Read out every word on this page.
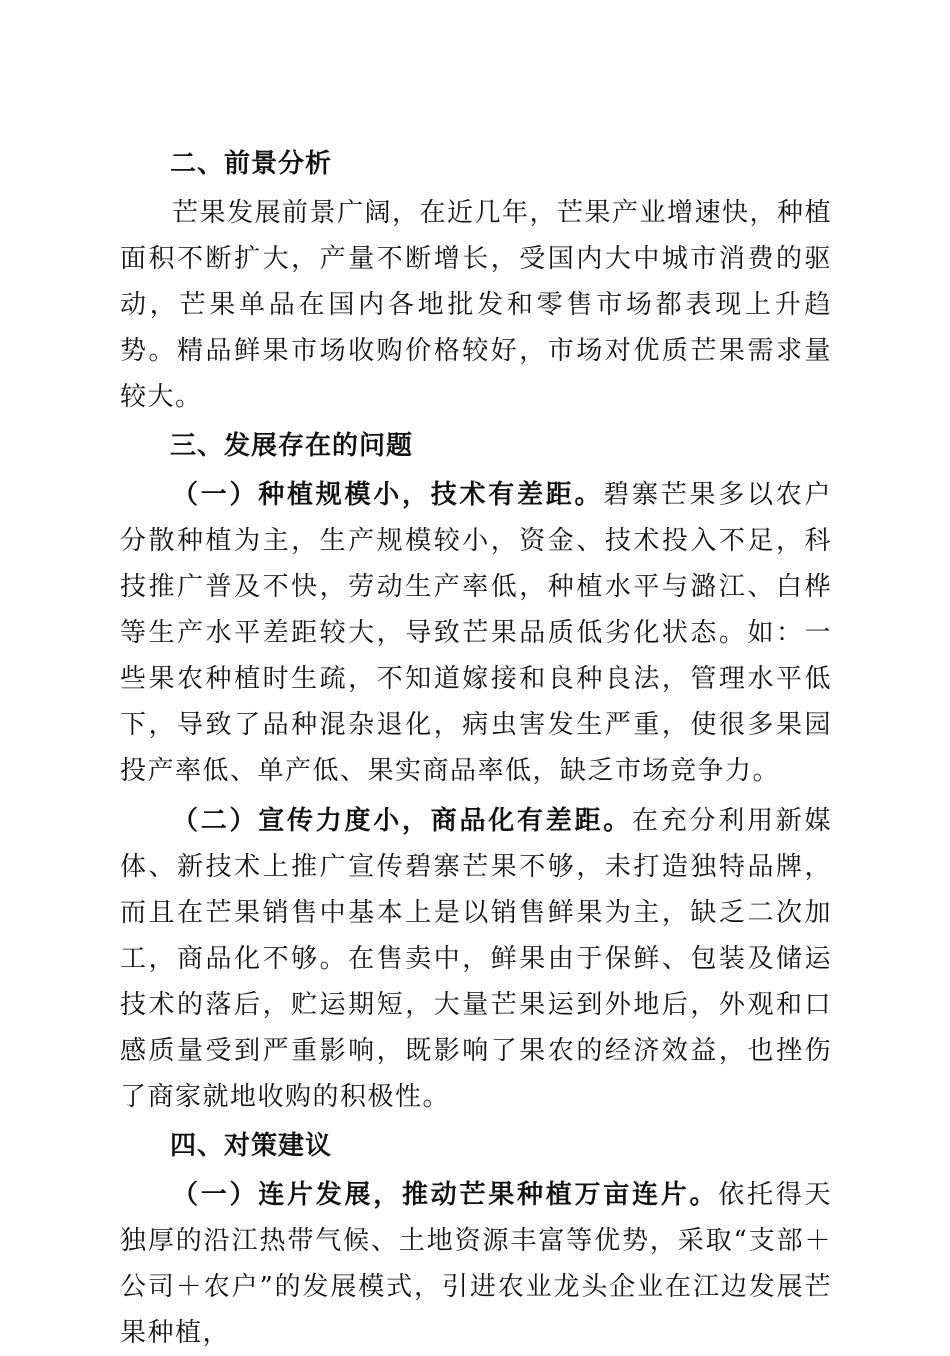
二、前景分析

芒果发展前景广阔，在近几年，芒果产业增速快，种植面积不断扩大，产量不断增长，受国内大中城市消费的驱动，芒果单品在国内各地批发和零售市场都表现上升趋势。精品鲜果市场收购价格较好，市场对优质芒果需求量较大。

三、发展存在的问题

（一）种植规模小，技术有差距。碧寨芒果多以农户分散种植为主，生产规模较小，资金、技术投入不足，科技推广普及不快，劳动生产率低，种植水平与潞江、白桦等生产水平差距较大，导致芒果品质低劣化状态。如：一些果农种植时生疏，不知道嫁接和良种良法，管理水平低下，导致了品种混杂退化，病虫害发生严重，使很多果园投产率低、单产低、果实商品率低，缺乏市场竞争力。

（二）宣传力度小，商品化有差距。在充分利用新媒体、新技术上推广宣传碧寨芒果不够，未打造独特品牌，而且在芒果销售中基本上是以销售鲜果为主，缺乏二次加工，商品化不够。在售卖中，鲜果由于保鲜、包装及储运技术的落后，贮运期短，大量芒果运到外地后，外观和口感质量受到严重影响，既影响了果农的经济效益，也挫伤了商家就地收购的积极性。

四、对策建议

（一）连片发展，推动芒果种植万亩连片。依托得天独厚的沿江热带气候、土地资源丰富等优势，采取“支部＋公司＋农户”的发展模式，引进农业龙头企业在江边发展芒果种植，
